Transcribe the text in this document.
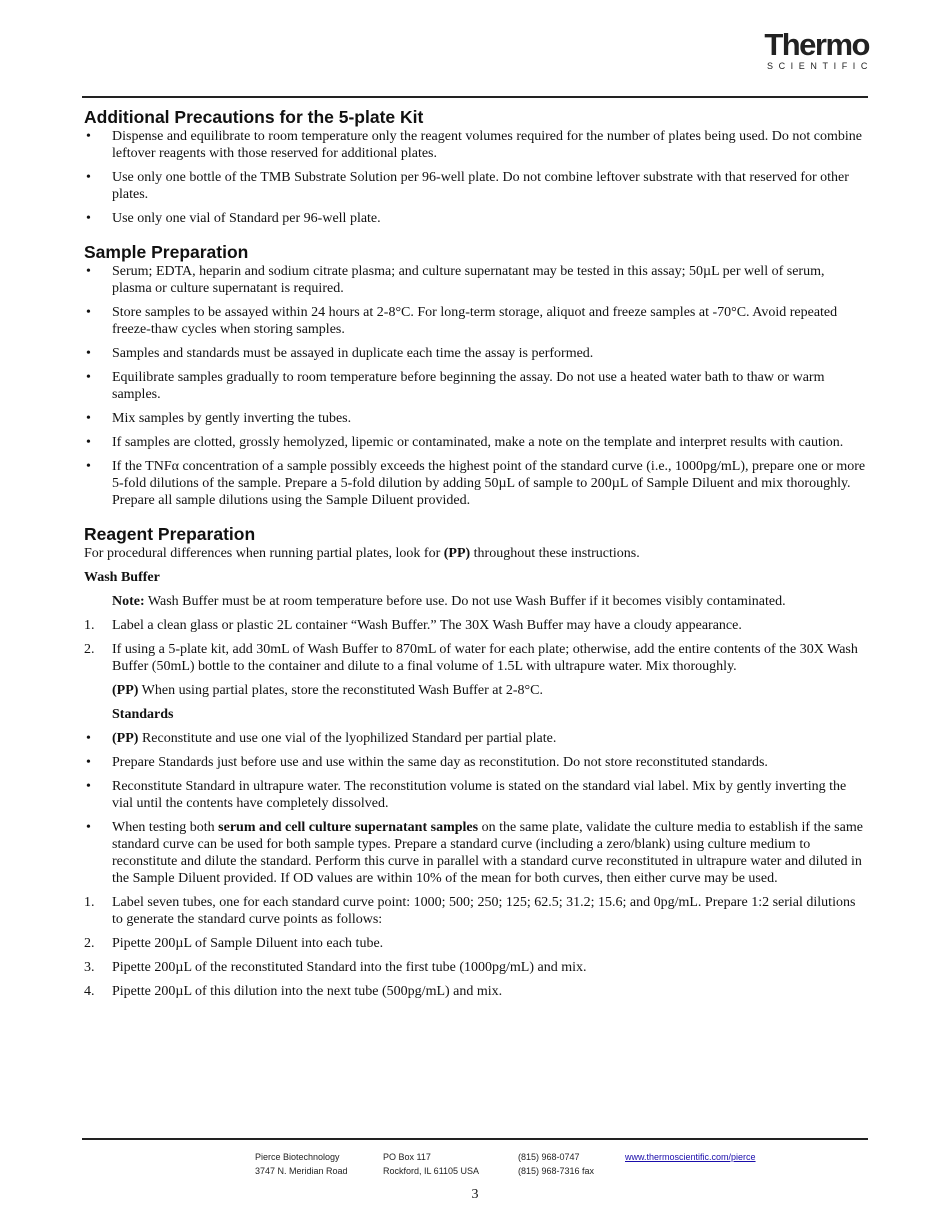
Thermo
SCIENTIFIC
Additional Precautions for the 5-plate Kit
•	Dispense and equilibrate to room temperature only the reagent volumes required for the number of plates being used. Do not combine leftover reagents with those reserved for additional plates.
•	Use only one bottle of the TMB Substrate Solution per 96-well plate. Do not combine leftover substrate with that reserved for other plates.
•	Use only one vial of Standard per 96-well plate.
Sample Preparation
•	Serum; EDTA, heparin and sodium citrate plasma; and culture supernatant may be tested in this assay; 50µL per well of serum, plasma or culture supernatant is required.
•	Store samples to be assayed within 24 hours at 2-8°C. For long-term storage, aliquot and freeze samples at -70°C. Avoid repeated freeze-thaw cycles when storing samples.
•	Samples and standards must be assayed in duplicate each time the assay is performed.
•	Equilibrate samples gradually to room temperature before beginning the assay. Do not use a heated water bath to thaw or warm samples.
•	Mix samples by gently inverting the tubes.
•	If samples are clotted, grossly hemolyzed, lipemic or contaminated, make a note on the template and interpret results with caution.
•	If the TNFα concentration of a sample possibly exceeds the highest point of the standard curve (i.e., 1000pg/mL), prepare one or more 5-fold dilutions of the sample. Prepare a 5-fold dilution by adding 50µL of sample to 200µL of Sample Diluent and mix thoroughly. Prepare all sample dilutions using the Sample Diluent provided.
Reagent Preparation

For procedural differences when running partial plates, look for (PP) throughout these instructions.

Wash Buffer

Note: Wash Buffer must be at room temperature before use. Do not use Wash Buffer if it becomes visibly contaminated.

1.	Label a clean glass or plastic 2L container “Wash Buffer.” The 30X Wash Buffer may have a cloudy appearance.
2.	If using a 5-plate kit, add 30mL of Wash Buffer to 870mL of water for each plate; otherwise, add the entire contents of the 30X Wash Buffer (50mL) bottle to the container and dilute to a final volume of 1.5L with ultrapure water. Mix thoroughly.

(PP) When using partial plates, store the reconstituted Wash Buffer at 2-8°C.

Standards
•	(PP) Reconstitute and use one vial of the lyophilized Standard per partial plate.
•	Prepare Standards just before use and use within the same day as reconstitution. Do not store reconstituted standards.
•	Reconstitute Standard in ultrapure water. The reconstitution volume is stated on the standard vial label. Mix by gently inverting the vial until the contents have completely dissolved.
•	When testing both serum and cell culture supernatant samples on the same plate, validate the culture media to establish if the same standard curve can be used for both sample types. Prepare a standard curve (including a zero/blank) using culture medium to reconstitute and dilute the standard. Perform this curve in parallel with a standard curve reconstituted in ultrapure water and diluted in the Sample Diluent provided. If OD values are within 10% of the mean for both curves, then either curve may be used.
1.	Label seven tubes, one for each standard curve point: 1000; 500; 250; 125; 62.5; 31.2; 15.6; and 0pg/mL. Prepare 1:2 serial dilutions to generate the standard curve points as follows:
2.	Pipette 200µL of Sample Diluent into each tube.
3.	Pipette 200µL of the reconstituted Standard into the first tube (1000pg/mL) and mix.
4.	Pipette 200µL of this dilution into the next tube (500pg/mL) and mix.
Pierce Biotechnology
3747 N. Meridian Road
PO Box 117
Rockford, IL 61105 USA
(815) 968-0747
(815) 968-7316 fax
www.thermoscientific.com/pierce
3
